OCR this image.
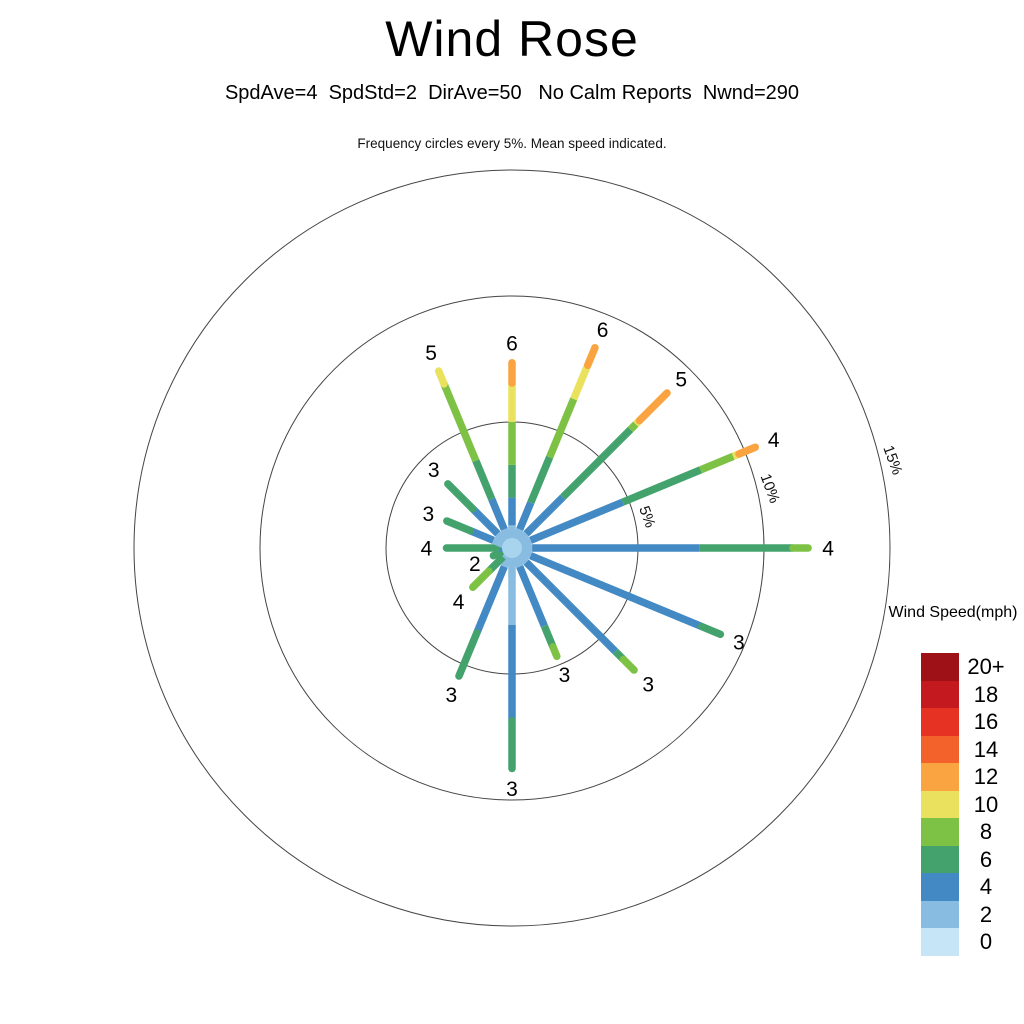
Wind Rose
SpdAve=4  SpdStd=2  DirAve=50   No Calm Reports  Nwnd=290
Frequency circles every 5%. Mean speed indicated.
5%
10%
15%
6
6
5
4
4
3
3
3
3
3
4
2
4
3
3
5
Wind Speed(mph)
20+
18
16
14
12
10
8
6
4
2
0
